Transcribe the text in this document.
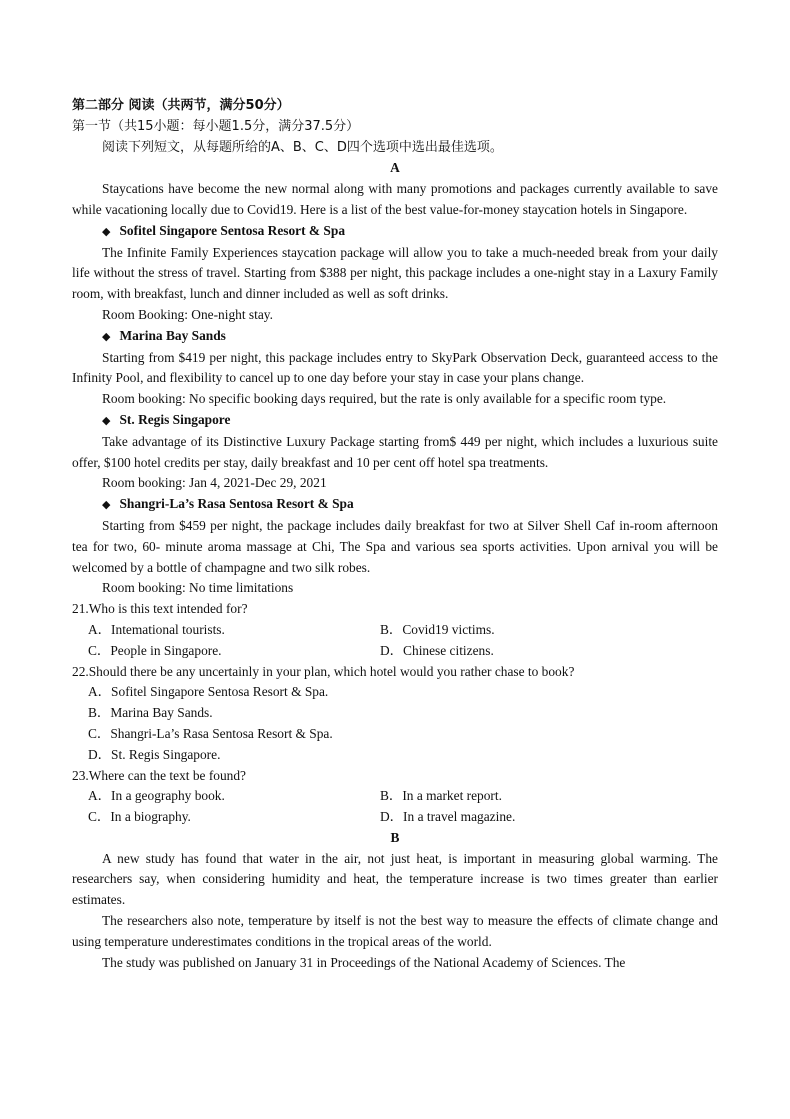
第二部分 阅读（共两节，满分50分）
第一节（共15小题：每小题1.5分，满分37.5分）
阅读下列短文，从每题所给的A、B、C、D四个选项中选出最佳选项。
A
Staycations have become the new normal along with many promotions and packages currently available to save while vacationing locally due to Covid19. Here is a list of the best value-for-money staycation hotels in Singapore.
◆ Sofitel Singapore Sentosa Resort & Spa
The Infinite Family Experiences staycation package will allow you to take a much-needed break from your daily life without the stress of travel. Starting from $388 per night, this package includes a one-night stay in a Laxury Family room, with breakfast, lunch and dinner included as well as soft drinks.
Room Booking: One-night stay.
◆ Marina Bay Sands
Starting from $419 per night, this package includes entry to SkyPark Observation Deck, guaranteed access to the Infinity Pool, and flexibility to cancel up to one day before your stay in case your plans change.
Room booking: No specific booking days required, but the rate is only available for a specific room type.
◆ St. Regis Singapore
Take advantage of its Distinctive Luxury Package starting from$ 449 per night, which includes a luxurious suite offer, $100 hotel credits per stay, daily breakfast and 10 per cent off hotel spa treatments.
Room booking: Jan 4, 2021-Dec 29, 2021
◆ Shangri-La’s Rasa Sentosa Resort & Spa
Starting from $459 per night, the package includes daily breakfast for two at Silver Shell Caf in-room afternoon tea for two, 60- minute aroma massage at Chi, The Spa and various sea sports activities. Upon arnival you will be welcomed by a bottle of champagne and two silk robes.
Room booking: No time limitations
21.Who is this text intended for?
A．Intemational tourists.	B．Covid19 victims.
C．People in Singapore.	D．Chinese citizens.
22.Should there be any uncertainly in your plan, which hotel would you rather chase to book?
A．Sofitel Singapore Sentosa Resort & Spa.
B．Marina Bay Sands.
C．Shangri-La’s Rasa Sentosa Resort & Spa.
D．St. Regis Singapore.
23.Where can the text be found?
A．In a geography book.	B．In a market report.
C．In a biography.	D．In a travel magazine.
B
A new study has found that water in the air, not just heat, is important in measuring global warming. The researchers say, when considering humidity and heat, the temperature increase is two times greater than earlier estimates.
The researchers also note, temperature by itself is not the best way to measure the effects of climate change and using temperature underestimates conditions in the tropical areas of the world.
The study was published on January 31 in Proceedings of the National Academy of Sciences. The
